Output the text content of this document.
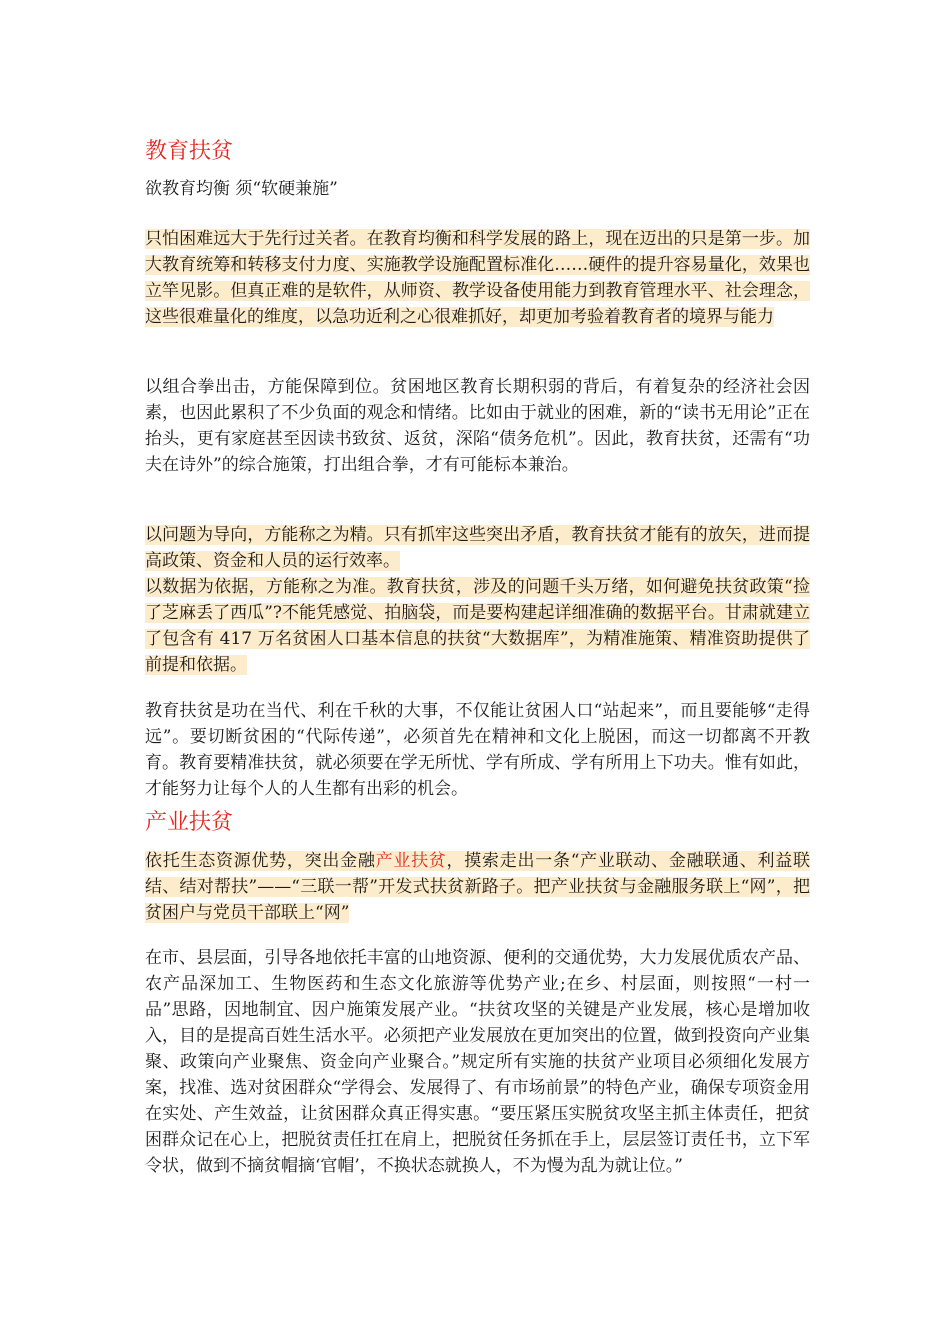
教育扶贫
欲教育均衡 须“软硬兼施”
只怕困难远大于先行过关者。在教育均衡和科学发展的路上，现在迈出的只是第一步。加大教育统筹和转移支付力度、实施教学设施配置标准化……硬件的提升容易量化，效果也立竿见影。但真正难的是软件，从师资、教学设备使用能力到教育管理水平、社会理念，这些很难量化的维度，以急功近利之心很难抓好，却更加考验着教育者的境界与能力
以组合拳出击，方能保障到位。贫困地区教育长期积弱的背后，有着复杂的经济社会因素，也因此累积了不少负面的观念和情绪。比如由于就业的困难，新的“读书无用论”正在抬头，更有家庭甚至因读书致贫、返贫，深陷“债务危机”。因此，教育扶贫，还需有“功夫在诗外”的综合施策，打出组合拳，才有可能标本兼治。
以问题为导向，方能称之为精。只有抓牢这些突出矛盾，教育扶贫才能有的放矢，进而提高政策、资金和人员的运行效率。
以数据为依据，方能称之为准。教育扶贫，涉及的问题千头万绪，如何避免扶贫政策“捡了芝麻丢了西瓜”?不能凭感觉、拍脑袋，而是要构建起详细准确的数据平台。甘肃就建立了包含有 417 万名贫困人口基本信息的扶贫“大数据库”，为精准施策、精准资助提供了前提和依据。
教育扶贫是功在当代、利在千秋的大事，不仅能让贫困人口“站起来”，而且要能够“走得远”。要切断贫困的“代际传递”，必须首先在精神和文化上脱困，而这一切都离不开教育。教育要精准扶贫，就必须要在学无所忧、学有所成、学有所用上下功夫。惟有如此，才能努力让每个人的人生都有出彩的机会。
产业扶贫
依托生态资源优势，突出金融产业扶贫，摸索走出一条“产业联动、金融联通、利益联结、结对帮扶”——“三联一帮”开发式扶贫新路子。把产业扶贫与金融服务联上“网”，把贫困户与党员干部联上“网”
在市、县层面，引导各地依托丰富的山地资源、便利的交通优势，大力发展优质农产品、农产品深加工、生物医药和生态文化旅游等优势产业;在乡、村层面，则按照“一村一品”思路，因地制宜、因户施策发展产业。“扶贫攻坚的关键是产业发展，核心是增加收入，目的是提高百姓生活水平。必须把产业发展放在更加突出的位置，做到投资向产业集聚、政策向产业聚焦、资金向产业聚合。”规定所有实施的扶贫产业项目必须细化发展方案，找准、选对贫困群众“学得会、发展得了、有市场前景”的特色产业，确保专项资金用在实处、产生效益，让贫困群众真正得实惠。“要压紧压实脱贫攻坚主抓主体责任，把贫困群众记在心上，把脱贫责任扛在肩上，把脱贫任务抓在手上，层层签订责任书，立下军令状，做到不摘贫帽摘‘官帽’，不换状态就换人，不为慢为乱为就让位。”
